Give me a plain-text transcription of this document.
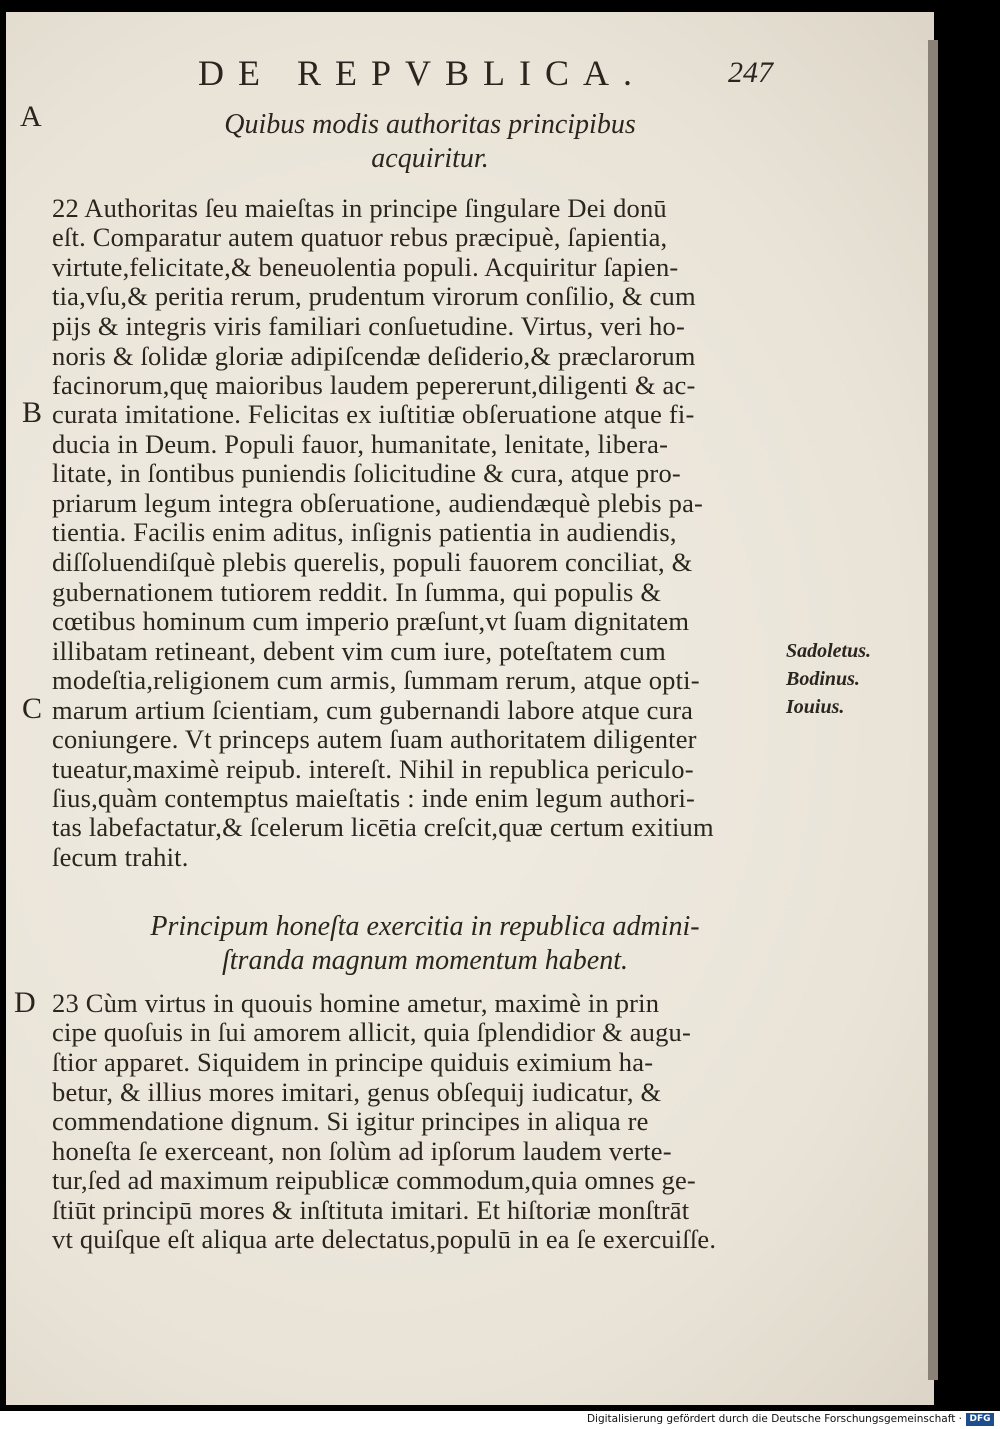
DE REPVBLICA.	247
A
B
C
D
Quibus modis authoritas principibus
acquiritur.
22 Authoritas ſeu maieſtas in principe ſingulare Dei donū
eſt. Comparatur autem quatuor rebus præcipuè, ſapientia,
virtute,felicitate,& beneuolentia populi. Acquiritur ſapien-
tia,vſu,& peritia rerum, prudentum virorum conſilio, & cum
pijs & integris viris familiari conſuetudine. Virtus, veri ho-
noris & ſolidæ gloriæ adipiſcendæ deſiderio,& præclarorum
facinorum,quę maioribus laudem pepererunt,diligenti & ac-
curata imitatione. Felicitas ex iuſtitiæ obſeruatione atque fi-
ducia in Deum. Populi fauor, humanitate, lenitate, libera-
litate, in ſontibus puniendis ſolicitudine & cura, atque pro-
priarum legum integra obſeruatione, audiendæquè plebis pa-
tientia. Facilis enim aditus, inſignis patientia in audiendis,
diſſoluendiſquè plebis querelis, populi fauorem conciliat, &
gubernationem tutiorem reddit. In ſumma, qui populis &
cœtibus hominum cum imperio præſunt,vt ſuam dignitatem
illibatam retineant, debent vim cum iure, poteſtatem cum
modeſtia,religionem cum armis, ſummam rerum, atque opti-
marum artium ſcientiam, cum gubernandi labore atque cura
coniungere. Vt princeps autem ſuam authoritatem diligenter
tueatur,maximè reipub. intereſt. Nihil in republica periculo-
ſius,quàm contemptus maieſtatis : inde enim legum authori-
tas labefactatur,& ſcelerum licētia creſcit,quæ certum exitium
ſecum trahit.
Sadoletus.
Bodinus.
Iouius.
Principum honeſta exercitia in republica admini-
ſtranda magnum momentum habent.
23 Cùm virtus in quouis homine ametur, maximè in prin
cipe quoſuis in ſui amorem allicit, quia ſplendidior & augu-
ſtior apparet. Siquidem in principe quiduis eximium ha-
betur, & illius mores imitari, genus obſequij iudicatur, &
commendatione dignum. Si igitur principes in aliqua re
honeſta ſe exerceant, non ſolùm ad ipſorum laudem verte-
tur,ſed ad maximum reipublicæ commodum,quia omnes ge-
ſtiūt principū mores & inſtituta imitari. Et hiſtoriæ monſtrāt
vt quiſque eſt aliqua arte delectatus,populū in ea ſe exercuiſſe.
Digitalisierung gefördert durch die Deutsche Forschungsgemeinschaft · DFG
